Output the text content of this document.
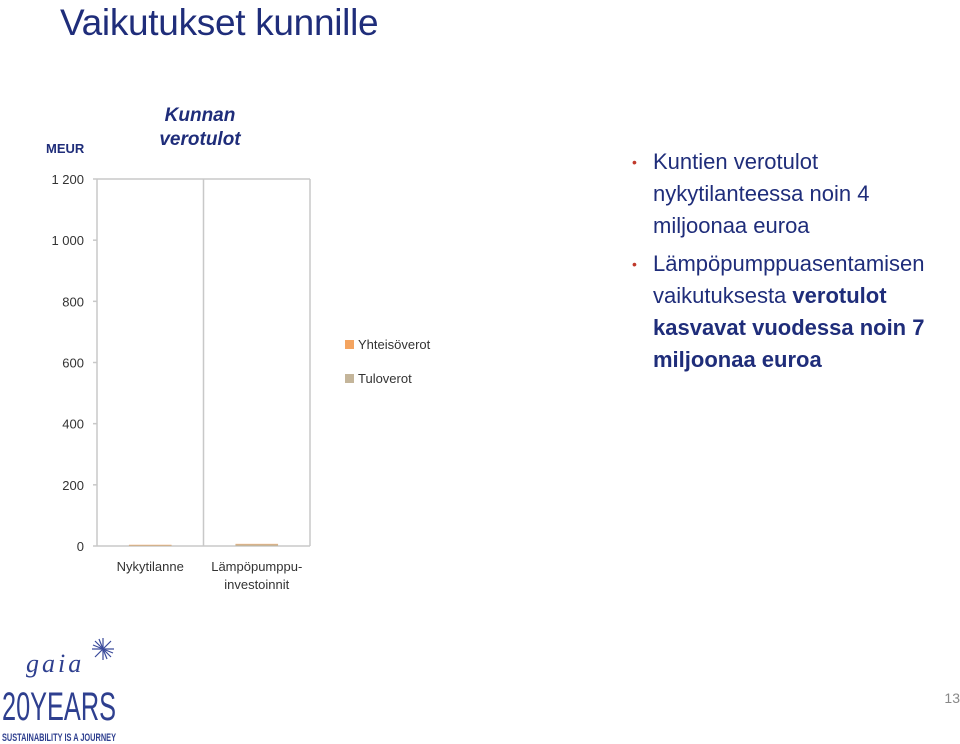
Vaikutukset kunnille
Kunnan
verotulot
MEUR
0
200
400
600
800
1 000
1 200
Nykytilanne Lämpöpumppu-
investoinnit
Yhteisöverot
Tuloverot
• Kuntien verotulot nykytilanteessa noin 4 miljoonaa euroa
• Lämpöpumppuasentamisen vaikutuksesta verotulot kasvavat vuodessa noin 7 miljoonaa euroa
gaia
20YEARS
SUSTAINABILITY IS A JOURNEY
13
